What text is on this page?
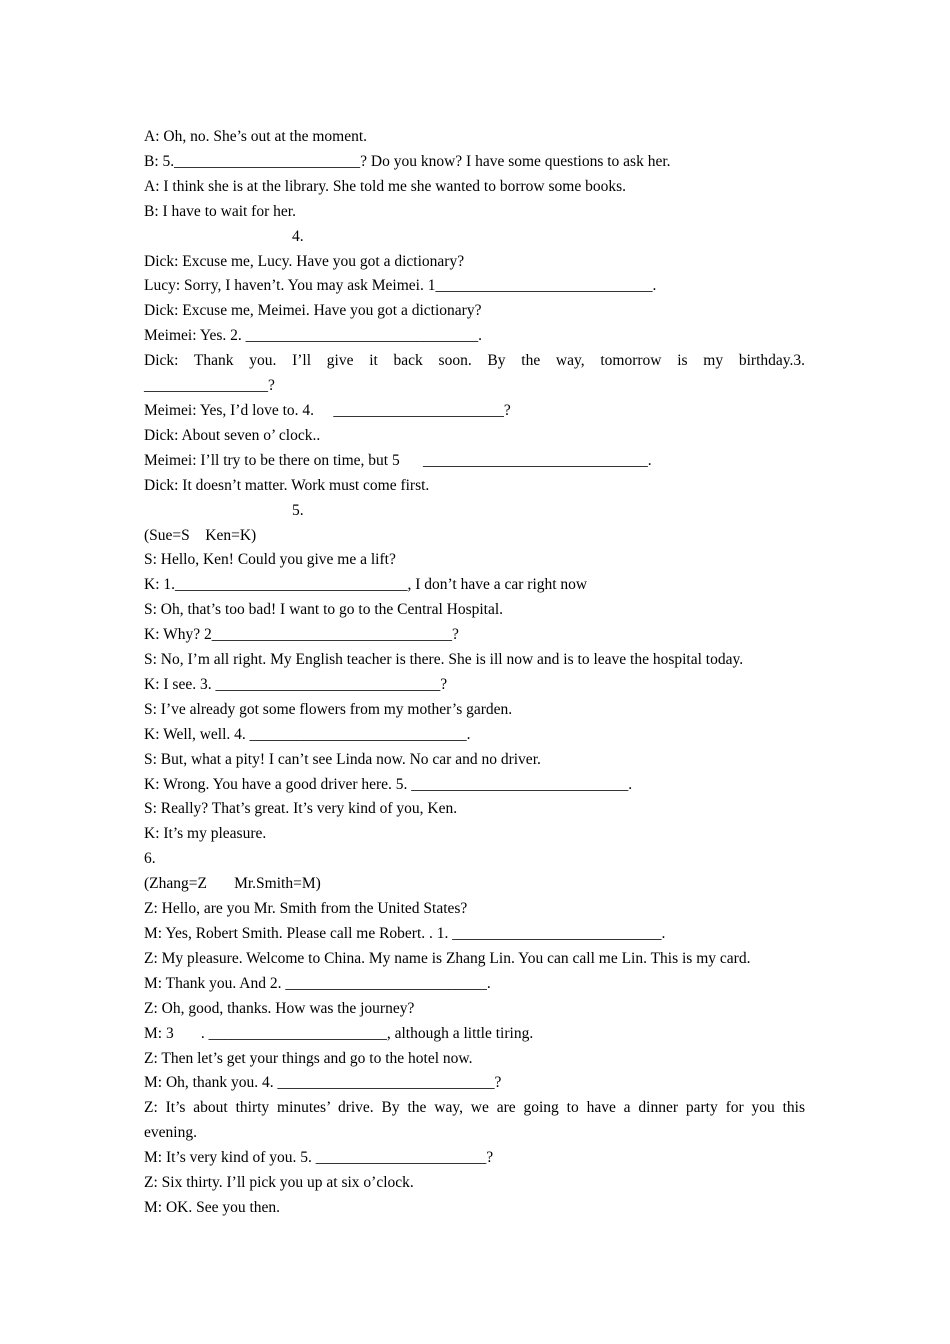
A: Oh, no. She’s out at the moment.
B: 5.________________________? Do you know? I have some questions to ask her.
A: I think she is at the library. She told me she wanted to borrow some books.
B: I have to wait for her.
4.
Dick: Excuse me, Lucy. Have you got a dictionary?
Lucy: Sorry, I haven’t. You may ask Meimei. 1____________________________.
Dick: Excuse me, Meimei. Have you got a dictionary?
Meimei: Yes. 2. ______________________________.
Dick: Thank you. I’ll give it back soon. By the way, tomorrow is my birthday.3.
________________?
Meimei: Yes, I’d love to. 4.     ______________________?
Dick: About seven o’ clock..
Meimei: I’ll try to be there on time, but 5      _____________________________.
Dick: It doesn’t matter. Work must come first.
5.
(Sue=S    Ken=K)
S: Hello, Ken! Could you give me a lift?
K: 1.______________________________, I don’t have a car right now
S: Oh, that’s too bad! I want to go to the Central Hospital.
K: Why? 2_______________________________?
S: No, I’m all right. My English teacher is there. She is ill now and is to leave the hospital today.
K: I see. 3. _____________________________?
S: I’ve already got some flowers from my mother’s garden.
K: Well, well. 4. ____________________________.
S: But, what a pity! I can’t see Linda now. No car and no driver.
K: Wrong. You have a good driver here. 5. ____________________________.
S: Really? That’s great. It’s very kind of you, Ken.
K: It’s my pleasure.
6.
(Zhang=Z       Mr.Smith=M)
Z: Hello, are you Mr. Smith from the United States?
M: Yes, Robert Smith. Please call me Robert. . 1. ___________________________.
Z: My pleasure. Welcome to China. My name is Zhang Lin. You can call me Lin. This is my card.
M: Thank you. And 2. __________________________.
Z: Oh, good, thanks. How was the journey?
M: 3       . _______________________, although a little tiring.
Z: Then let’s get your things and go to the hotel now.
M: Oh, thank you. 4. ____________________________?
Z: It’s about thirty minutes’ drive. By the way, we are going to have a dinner party for you this
evening.
M: It’s very kind of you. 5. ______________________?
Z: Six thirty. I’ll pick you up at six o’clock.
M: OK. See you then.
